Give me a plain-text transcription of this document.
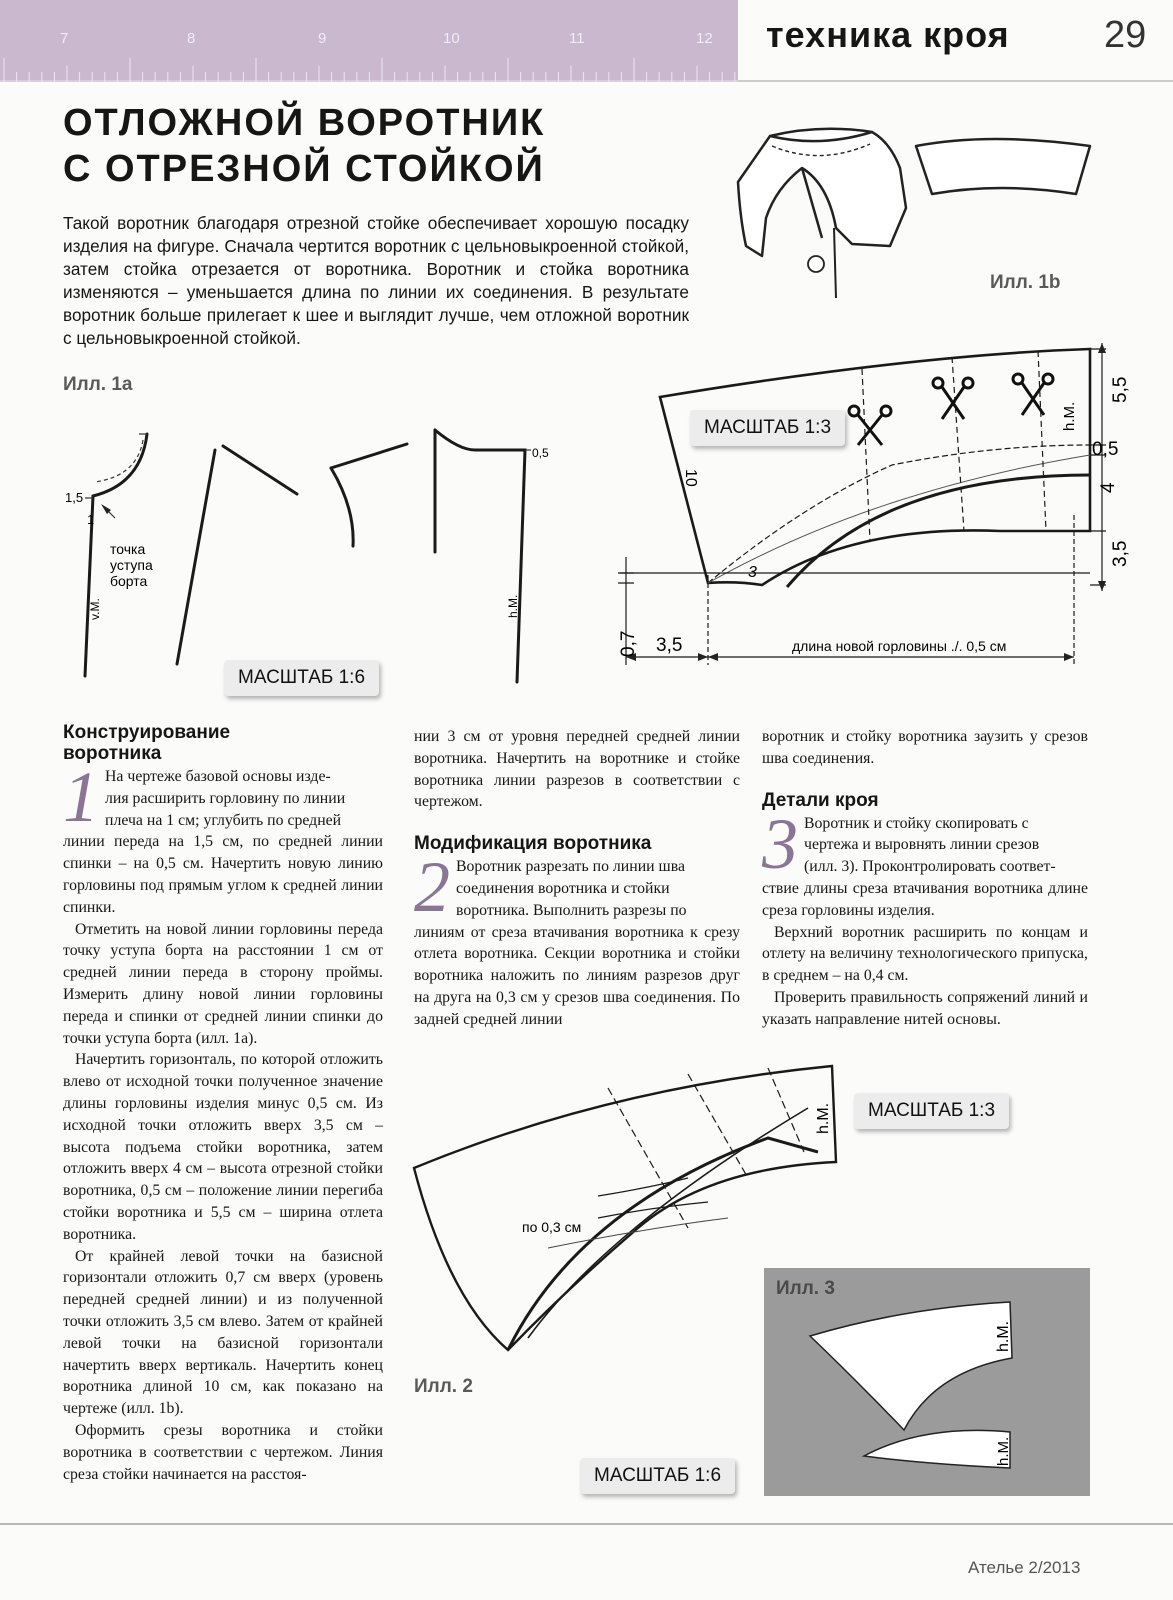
7	8	9	10	11	12 техника кроя 29
ОТЛОЖНОЙ ВОРОТНИК
С ОТРЕЗНОЙ СТОЙКОЙ
Такой воротник благодаря отрезной стойке обеспечивает хорошую посадку изделия на фигуре. Сначала чертится воротник с цельновыкроенной стойкой, затем стойка отрезается от воротника. Воротник и стойка воротника изменяются – уменьшается длина по линии их соединения. В результате воротник больше прилегает к шее и выглядит лучше, чем отложной воротник с цельновыкроенной стойкой.
Илл. 1b
Илл. 1а
1,5
1
точка
уступа
борта
v.M.	h.M.
0,5
МАСШТАБ 1:6
10
3
h.M.
5,5
0,5
4
3,5
0,7 3,5	длина новой горловины ./. 0,5 см
МАСШТАБ 1:3
Конструирование
воротника
1 На чертеже базовой основы изде-
лия расширить горловину по линии
плеча на 1 см; углубить по средней

линии переда на 1,5 см, по средней линии спинки – на 0,5 см. Начертить новую линию горловины под прямым углом к средней линии спинки.

Отметить на новой линии горловины переда точку уступа борта на расстоянии 1 см от средней линии переда в сторону проймы. Измерить длину новой линии горловины переда и спинки от средней линии спинки до точки уступа борта (илл. 1а).

Начертить горизонталь, по которой отложить влево от исходной точки полученное значение длины горловины изделия минус 0,5 см. Из исходной точки отложить вверх 3,5 см – высота подъема стойки воротника, затем отложить вверх 4 см – высота отрезной стойки воротника, 0,5 см – положение линии перегиба стойки воротника и 5,5 см – ширина отлета воротника.

От крайней левой точки на базисной горизонтали отложить 0,7 см вверх (уровень передней средней линии) и из полученной точки отложить 3,5 см влево. Затем от крайней левой точки на базисной горизонтали начертить вверх вертикаль. Начертить конец воротника длиной 10 см, как показано на чертеже (илл. 1b).

Оформить срезы воротника и стойки воротника в соответствии с чертежом. Линия среза стойки начинается на расстоя-

нии 3 см от уровня передней средней линии воротника. Начертить на воротнике и стойке воротника линии разрезов в соответствии с чертежом.

Модификация воротника
2 Воротник разрезать по линии шва
соединения воротника и стойки
воротника. Выполнить разрезы по

линиям от среза втачивания воротника к срезу отлета воротника. Секции воротника и стойки воротника наложить по линиям разрезов друг на друга на 0,3 см у срезов шва соединения. По задней средней линии

воротник и стойку воротника заузить у срезов шва соединения.

Детали кроя
3 Воротник и стойку скопировать с
чертежа и выровнять линии срезов
(илл. 3). Проконтролировать соответ-

ствие длины среза втачивания воротника длине среза горловины изделия.

Верхний воротник расширить по концам и отлету на величину технологического припуска, в среднем – на 0,4 см.

Проверить правильность сопряжений линий и указать направление нитей основы.

h.M.
по 0,3 см
МАСШТАБ 1:3
Илл. 2
МАСШТАБ 1:6
Илл. 3
h.M.
h.M.
Ателье 2/2013
